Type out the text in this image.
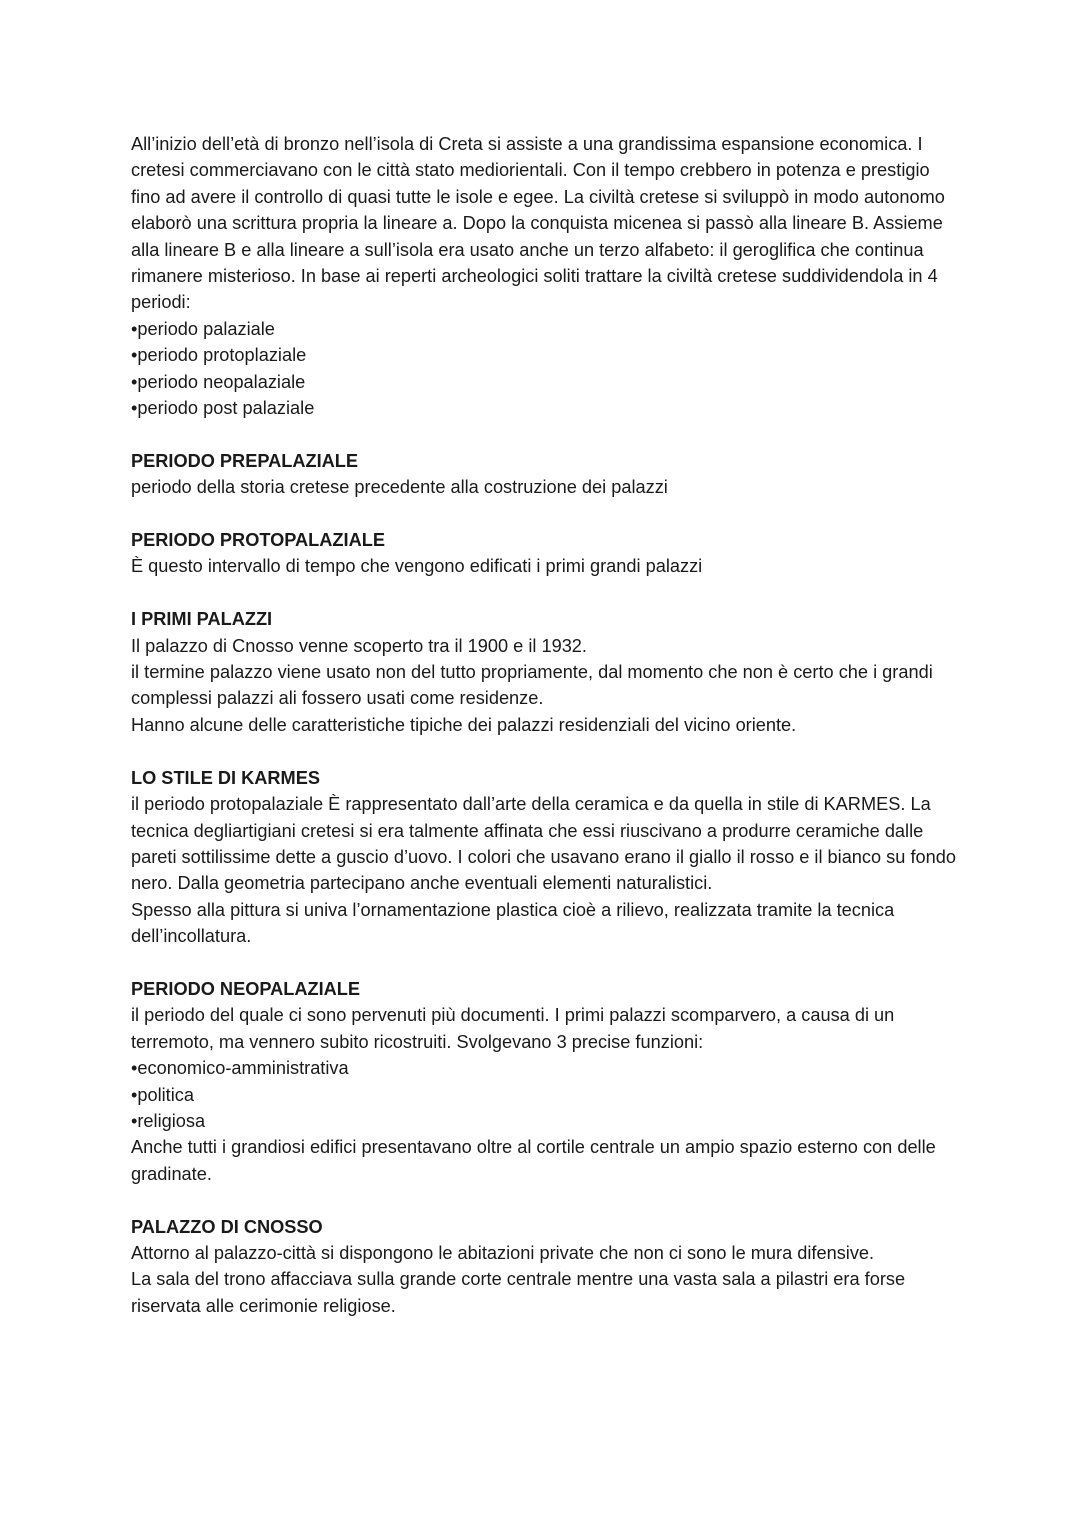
All’inizio dell’età di bronzo nell’isola di Creta si assiste a una grandissima espansione economica. I cretesi commerciavano con le città stato mediorientali. Con il tempo crebbero in potenza e prestigio fino ad avere il controllo di quasi tutte le isole e egee. La civiltà cretese si sviluppò in modo autonomo elaborò una scrittura propria la lineare a. Dopo la conquista micenea si passò alla lineare B. Assieme alla lineare B e alla lineare a sull’isola era usato anche un terzo alfabeto: il geroglifica che continua rimanere misterioso. In base ai reperti archeologici soliti trattare la civiltà cretese suddividendola in 4 periodi:

•periodo palaziale
•periodo protoplaziale
•periodo neopalaziale
•periodo post palaziale

PERIODO PREPALAZIALE

periodo della storia cretese precedente alla costruzione dei palazzi

PERIODO PROTOPALAZIALE

È questo intervallo di tempo che vengono edificati i primi grandi palazzi

I PRIMI PALAZZI

Il palazzo di Cnosso venne scoperto tra il 1900 e il 1932.

il termine palazzo viene usato non del tutto propriamente, dal momento che non è certo che i grandi complessi palazzi ali fossero usati come residenze.

Hanno alcune delle caratteristiche tipiche dei palazzi residenziali del vicino oriente.

LO STILE DI KARMES

il periodo protopalaziale È rappresentato dall’arte della ceramica e da quella in stile di KARMES. La tecnica degliartigiani cretesi si era talmente affinata che essi riuscivano a produrre ceramiche dalle pareti sottilissime dette a guscio d’uovo. I colori che usavano erano il giallo il rosso e il bianco su fondo nero. Dalla geometria partecipano anche eventuali elementi naturalistici.

Spesso alla pittura si univa l’ornamentazione plastica cioè a rilievo, realizzata tramite la tecnica dell’incollatura.

PERIODO NEOPALAZIALE

il periodo del quale ci sono pervenuti più documenti. I primi palazzi scomparvero, a causa di un terremoto, ma vennero subito ricostruiti. Svolgevano 3 precise funzioni:

•economico-amministrativa

•politica

•religiosa

Anche tutti i grandiosi edifici presentavano oltre al cortile centrale un ampio spazio esterno con delle gradinate.

PALAZZO DI CNOSSO

Attorno al palazzo-città si dispongono le abitazioni private che non ci sono le mura difensive.

La sala del trono affacciava sulla grande corte centrale mentre una vasta sala a pilastri era forse riservata alle cerimonie religiose.
